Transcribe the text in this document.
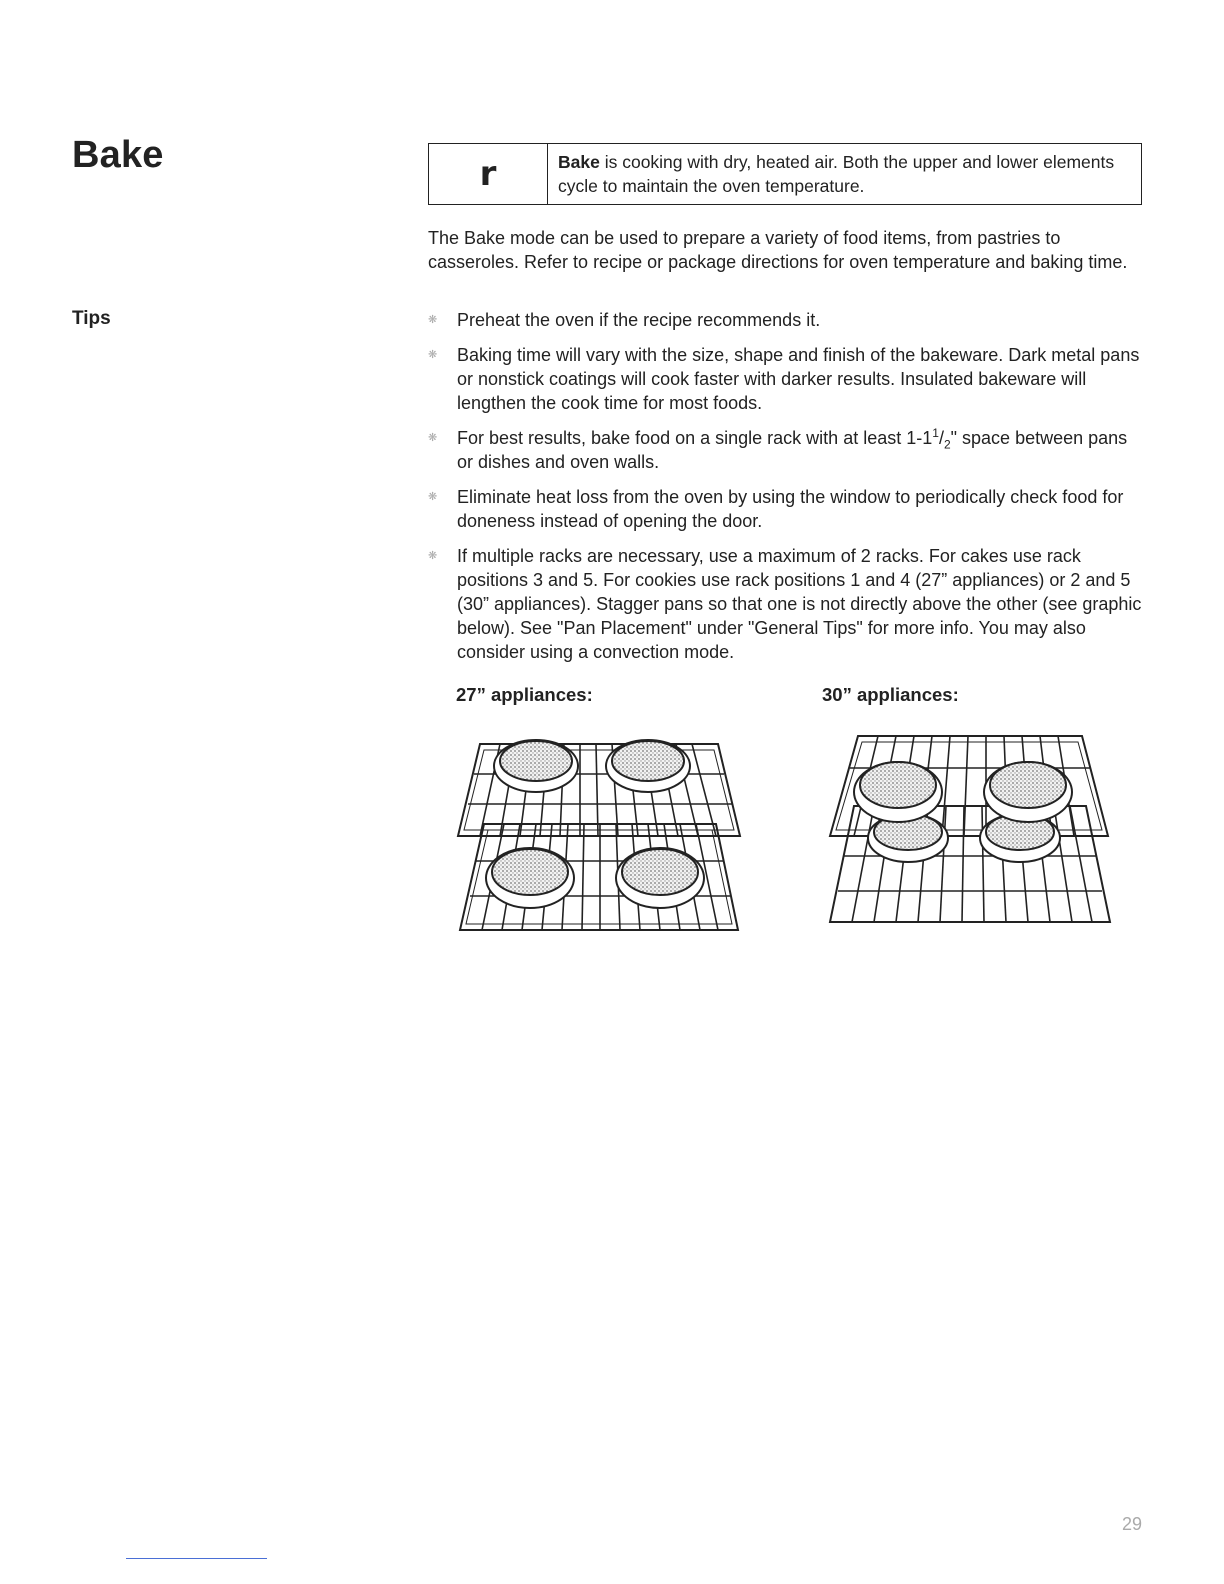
Bake
Tips
r	Bake is cooking with dry, heated air. Both the upper and lower elements cycle to maintain the oven temperature.

The Bake mode can be used to prepare a variety of food items, from pastries to casseroles. Refer to recipe or package directions for oven temperature and baking time.

❋ Preheat the oven if the recipe recommends it.
❋ Baking time will vary with the size, shape and finish of the bakeware. Dark metal pans or nonstick coatings will cook faster with darker results. Insulated bakeware will lengthen the cook time for most foods.
❋ For best results, bake food on a single rack with at least $1-1^1/_2$" space between pans or dishes and oven walls.
❋ Eliminate heat loss from the oven by using the window to periodically check food for doneness instead of opening the door.
❋ If multiple racks are necessary, use a maximum of 2 racks. For cakes use rack positions 3 and 5. For cookies use rack positions 1 and 4 (27” appliances) or 2 and 5 (30” appliances). Stagger pans so that one is not directly above the other (see graphic below). See "Pan Placement" under "General Tips" for more info. You may also consider using a convection mode.

27” appliances:	30” appliances:

29
